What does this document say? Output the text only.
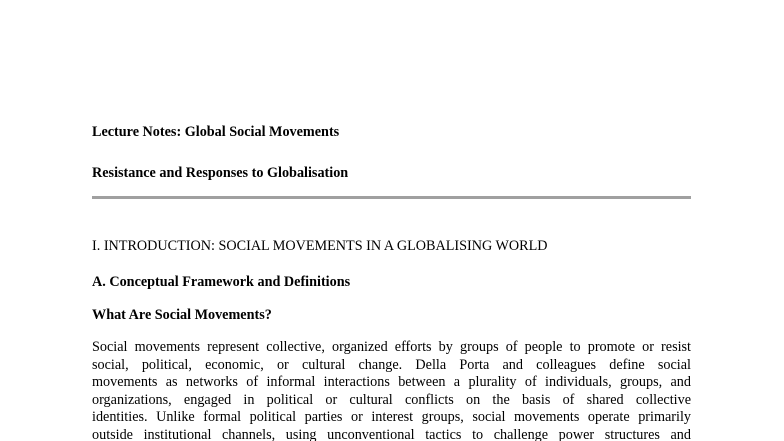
Lecture Notes: Global Social Movements
Resistance and Responses to Globalisation
I. INTRODUCTION: SOCIAL MOVEMENTS IN A GLOBALISING WORLD
A. Conceptual Framework and Definitions
What Are Social Movements?
Social movements represent collective, organized efforts by groups of people to promote or resist
social, political, economic, or cultural change. Della Porta and colleagues define social
movements as networks of informal interactions between a plurality of individuals, groups, and
organizations, engaged in political or cultural conflicts on the basis of shared collective
identities. Unlike formal political parties or interest groups, social movements operate primarily
outside institutional channels, using unconventional tactics to challenge power structures and
